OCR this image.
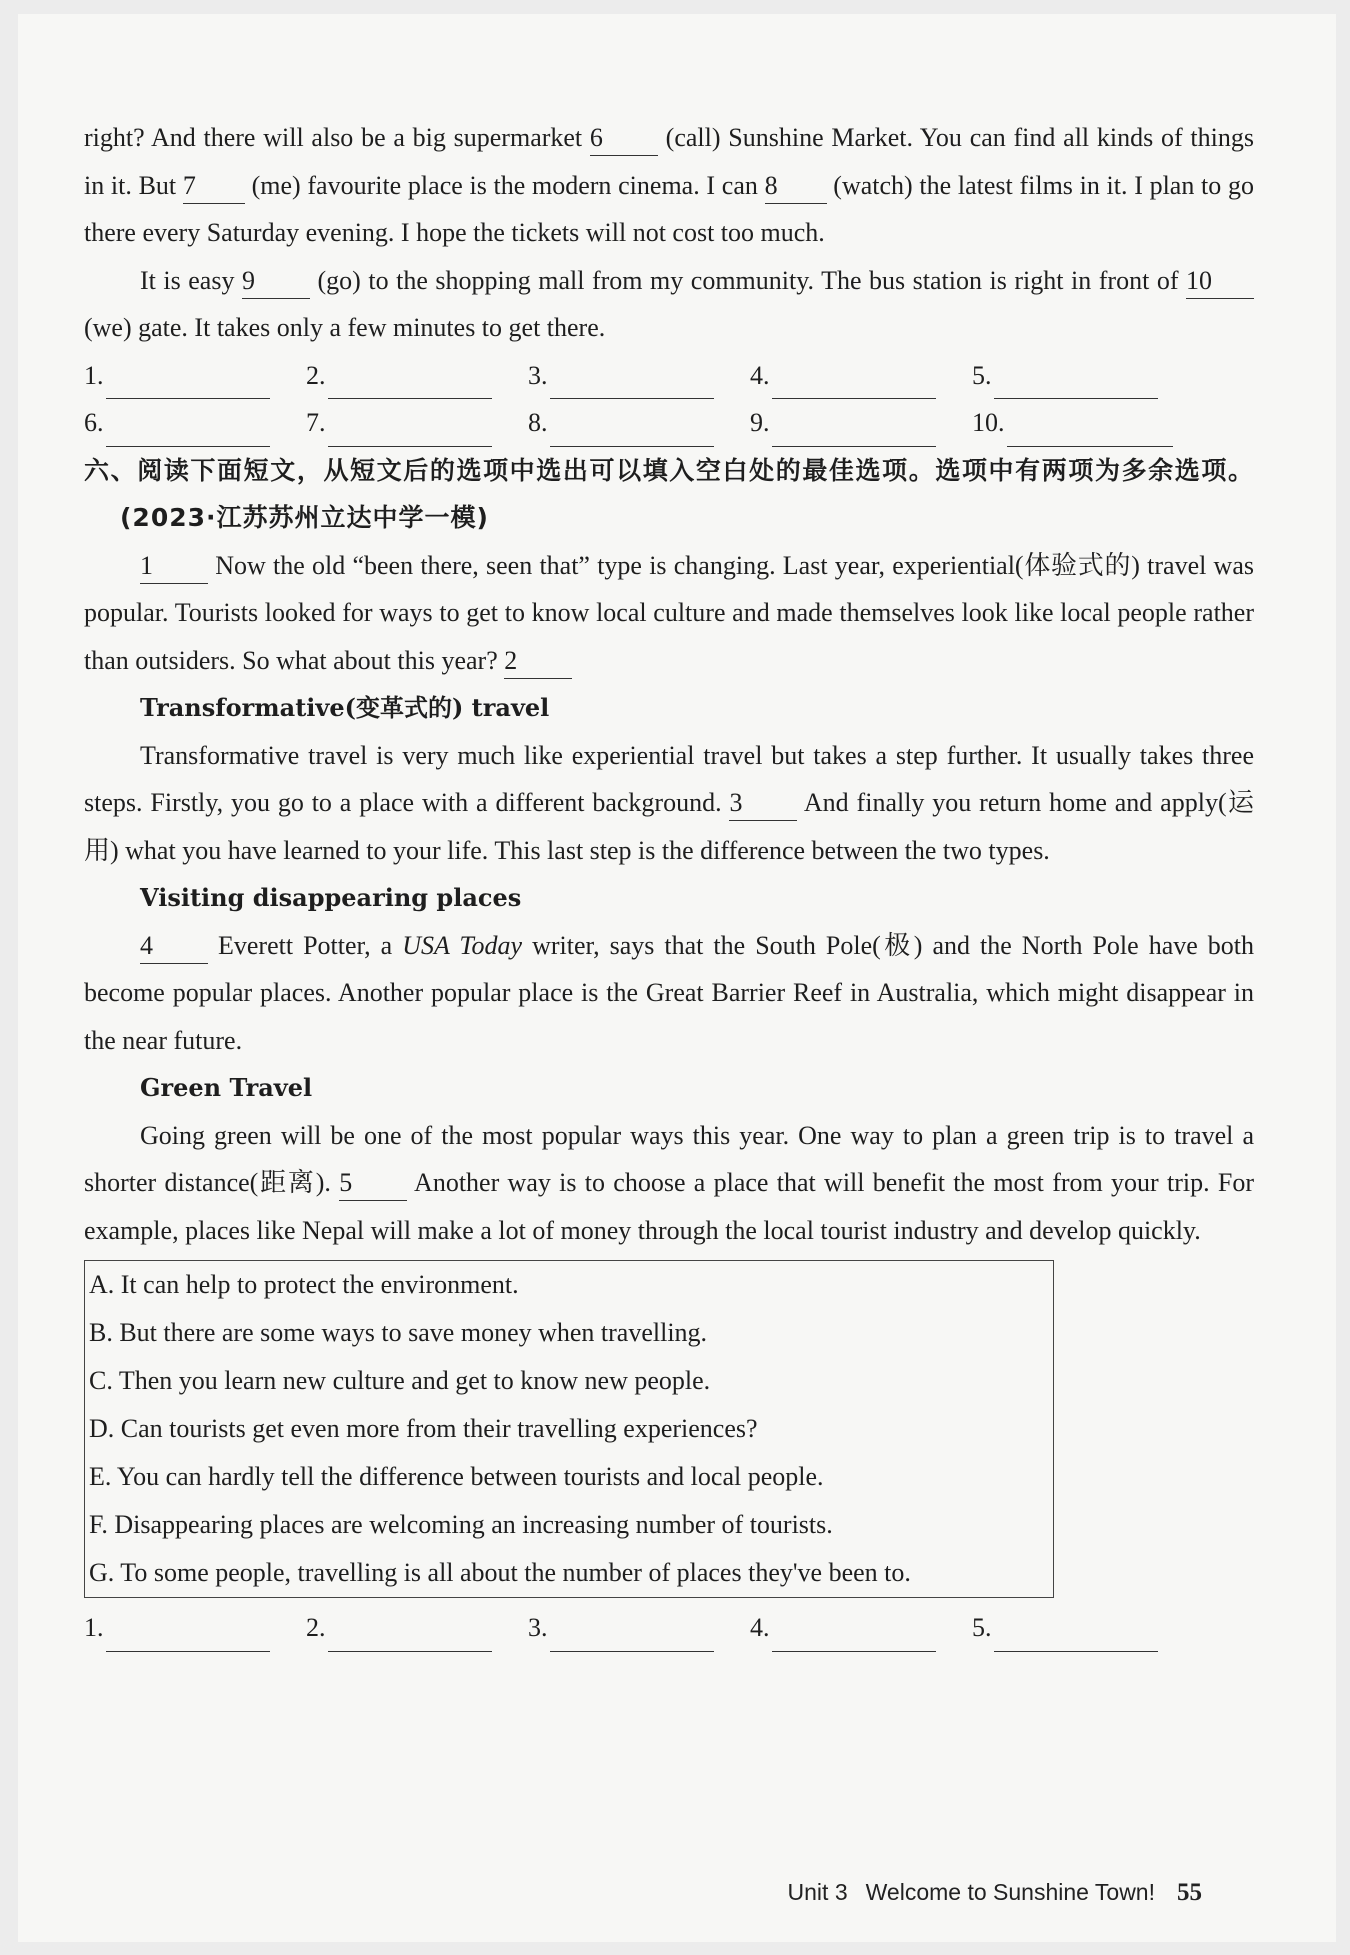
right? And there will also be a big supermarket 6 (call) Sunshine Market. You can find all kinds of things in it. But 7 (me) favourite place is the modern cinema. I can 8 (watch) the latest films in it. I plan to go there every Saturday evening. I hope the tickets will not cost too much.

It is easy 9 (go) to the shopping mall from my community. The bus station is right in front of 10 (we) gate. It takes only a few minutes to get there.

1.	2.	3.	4.	5.
6.	7.	8.	9.	10.

六、阅读下面短文，从短文后的选项中选出可以填入空白处的最佳选项。选项中有两项为多余选项。(2023·江苏苏州立达中学一模)

1 Now the old “been there, seen that” type is changing. Last year, experiential(体验式的) travel was popular. Tourists looked for ways to get to know local culture and made themselves look like local people rather than outsiders. So what about this year? 2

Transformative(变革式的) travel

Transformative travel is very much like experiential travel but takes a step further. It usually takes three steps. Firstly, you go to a place with a different background. 3 And finally you return home and apply(运用) what you have learned to your life. This last step is the difference between the two types.

Visiting disappearing places

4 Everett Potter, a USA Today writer, says that the South Pole(极) and the North Pole have both become popular places. Another popular place is the Great Barrier Reef in Australia, which might disappear in the near future.

Green Travel

Going green will be one of the most popular ways this year. One way to plan a green trip is to travel a shorter distance(距离). 5 Another way is to choose a place that will benefit the most from your trip. For example, places like Nepal will make a lot of money through the local tourist industry and develop quickly.

A. It can help to protect the environment.
B. But there are some ways to save money when travelling.
C. Then you learn new culture and get to know new people.
D. Can tourists get even more from their travelling experiences?
E. You can hardly tell the difference between tourists and local people.
F. Disappearing places are welcoming an increasing number of tourists.
G. To some people, travelling is all about the number of places they've been to.
1.	2.	3.	4.	5.
Unit 3 Welcome to Sunshine Town! 55
